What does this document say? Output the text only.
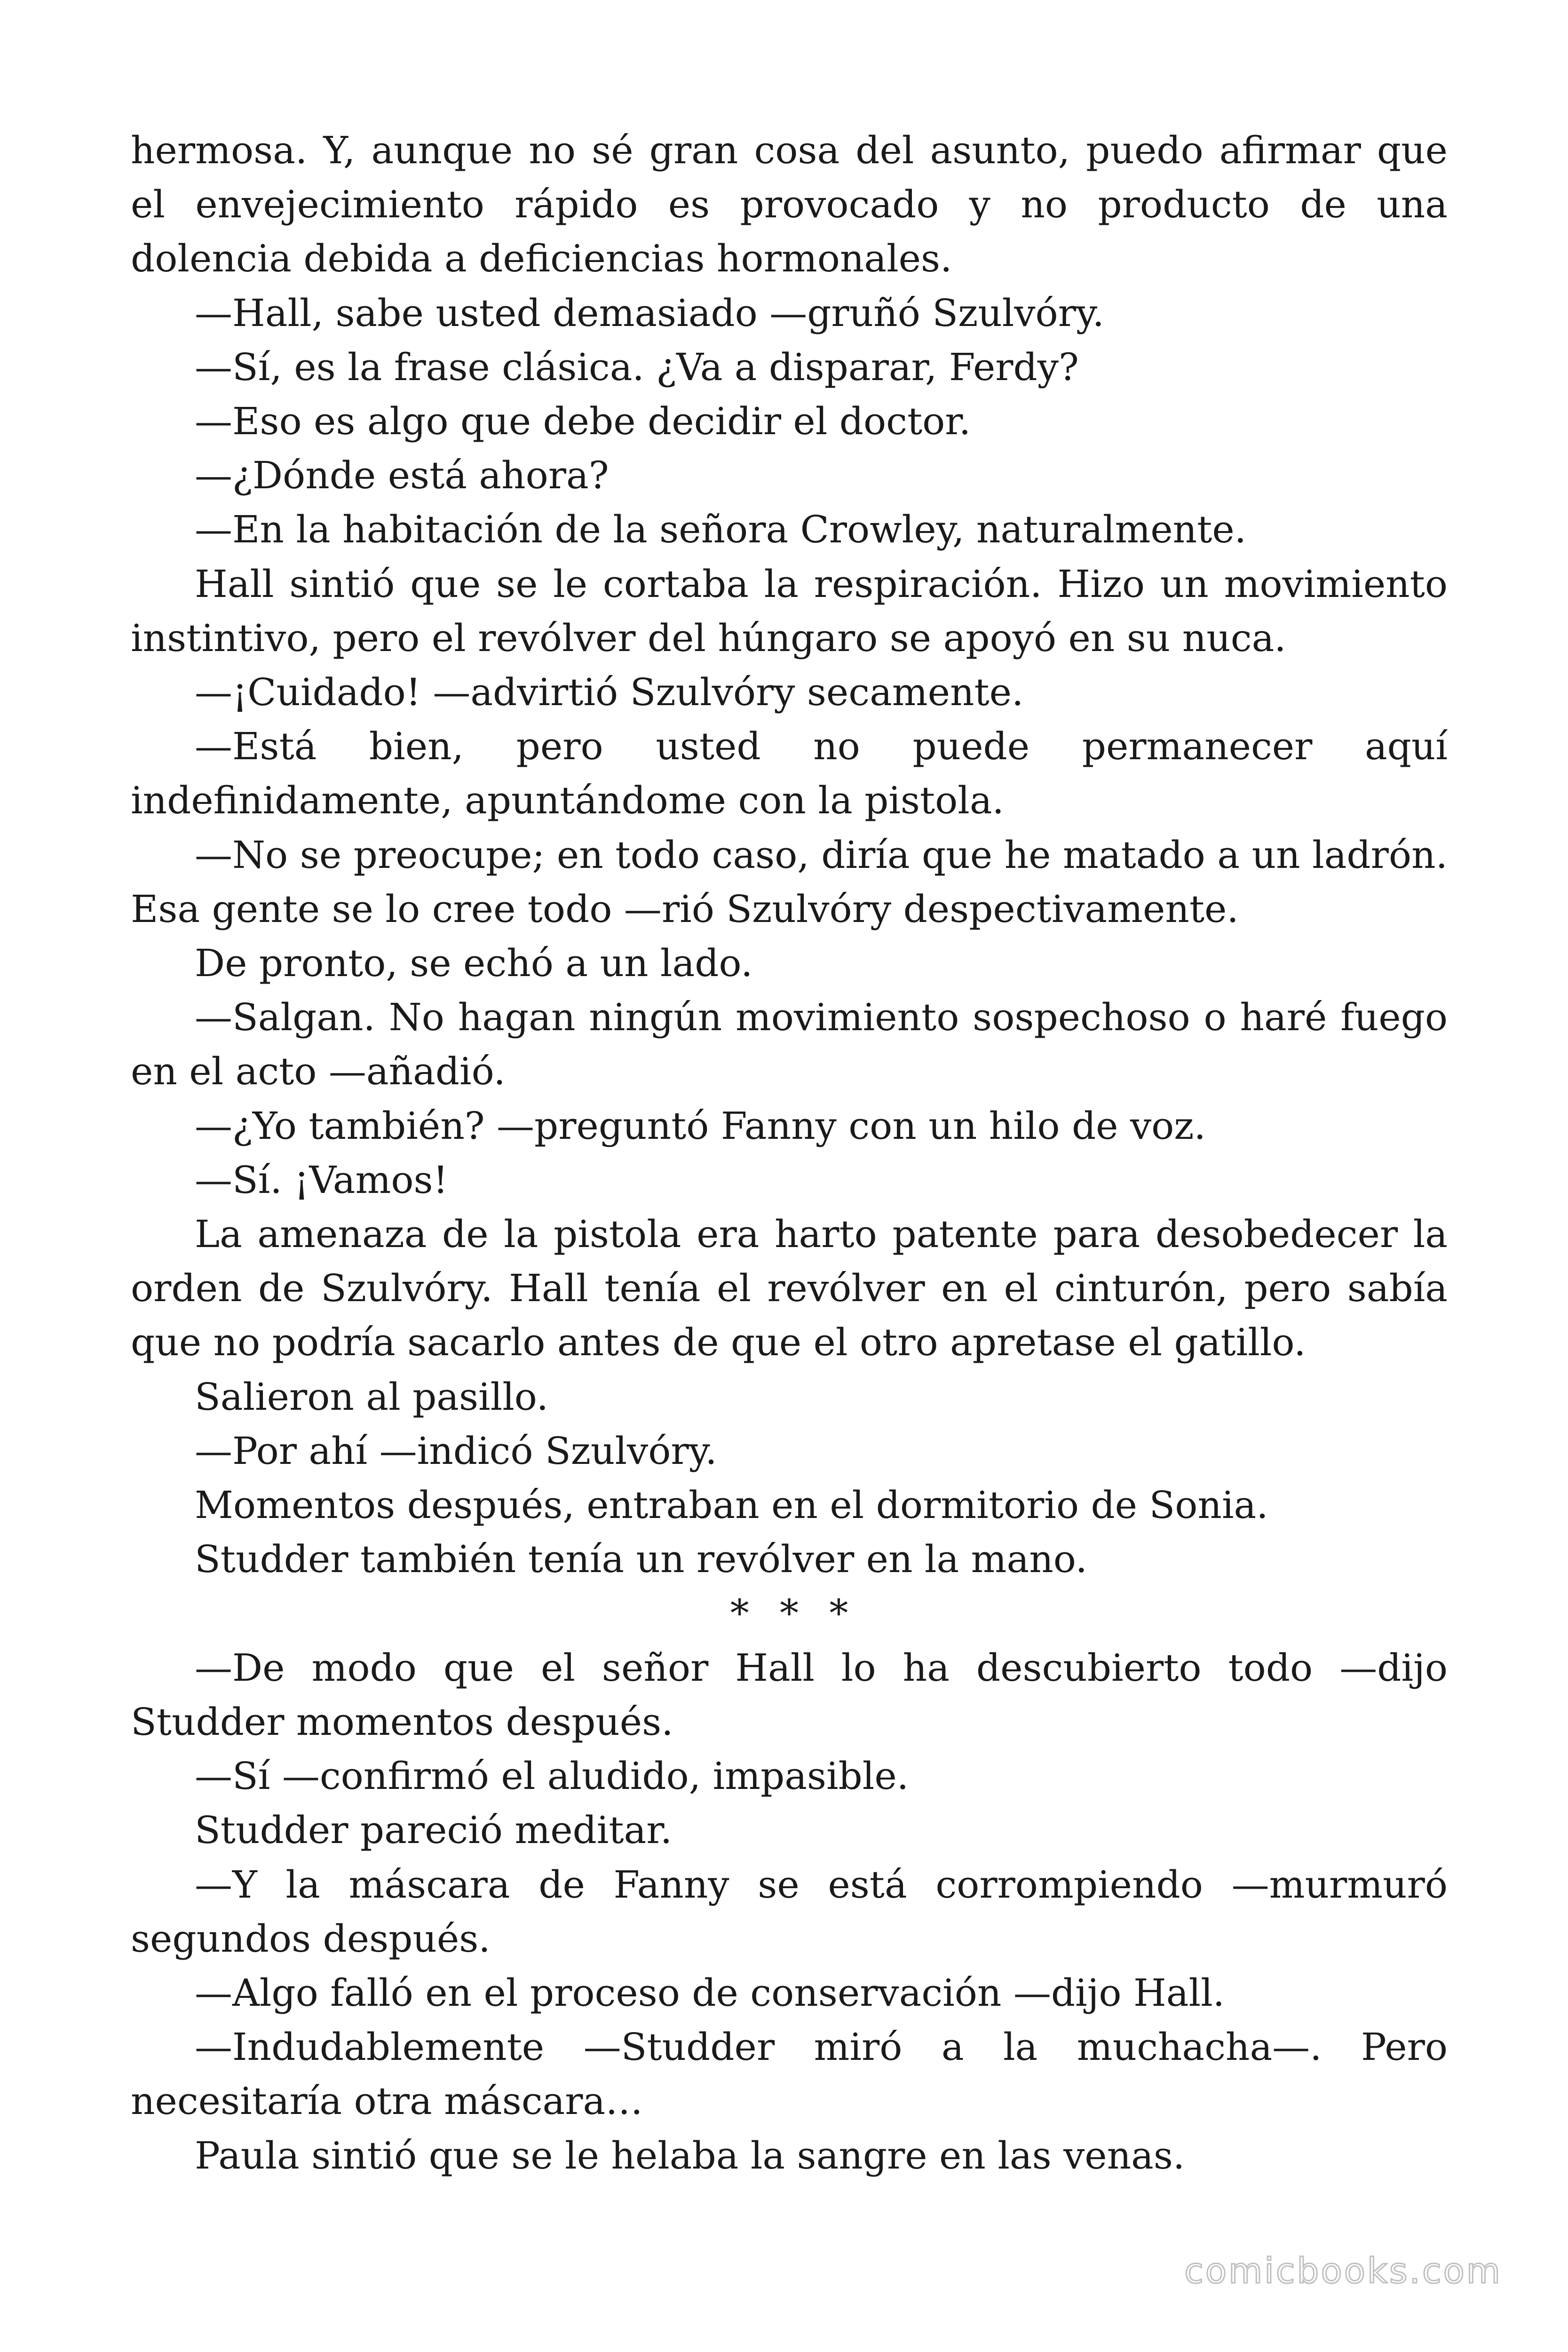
hermosa. Y, aunque no sé gran cosa del asunto, puedo afirmar que el envejecimiento rápido es provocado y no producto de una dolencia debida a deficiencias hormonales.

—Hall, sabe usted demasiado —gruñó Szulvóry.

—Sí, es la frase clásica. ¿Va a disparar, Ferdy?

—Eso es algo que debe decidir el doctor.

—¿Dónde está ahora?

—En la habitación de la señora Crowley, naturalmente.

Hall sintió que se le cortaba la respiración. Hizo un movimiento instintivo, pero el revólver del húngaro se apoyó en su nuca.

—¡Cuidado! —advirtió Szulvóry secamente.

—Está bien, pero usted no puede permanecer aquí indefinidamente, apuntándome con la pistola.

—No se preocupe; en todo caso, diría que he matado a un ladrón. Esa gente se lo cree todo —rió Szulvóry despectivamente.

De pronto, se echó a un lado.

—Salgan. No hagan ningún movimiento sospechoso o haré fuego en el acto —añadió.

—¿Yo también? —preguntó Fanny con un hilo de voz.

—Sí. ¡Vamos!

La amenaza de la pistola era harto patente para desobedecer la orden de Szulvóry. Hall tenía el revólver en el cinturón, pero sabía que no podría sacarlo antes de que el otro apretase el gatillo.

Salieron al pasillo.

—Por ahí —indicó Szulvóry.

Momentos después, entraban en el dormitorio de Sonia.

Studder también tenía un revólver en la mano.

* * *

—De modo que el señor Hall lo ha descubierto todo —dijo Studder momentos después.

—Sí —confirmó el aludido, impasible.

Studder pareció meditar.

—Y la máscara de Fanny se está corrompiendo —murmuró segundos después.

—Algo falló en el proceso de conservación —dijo Hall.

—Indudablemente —Studder miró a la muchacha—. Pero necesitaría otra máscara…

Paula sintió que se le helaba la sangre en las venas.

comicbooks.com
